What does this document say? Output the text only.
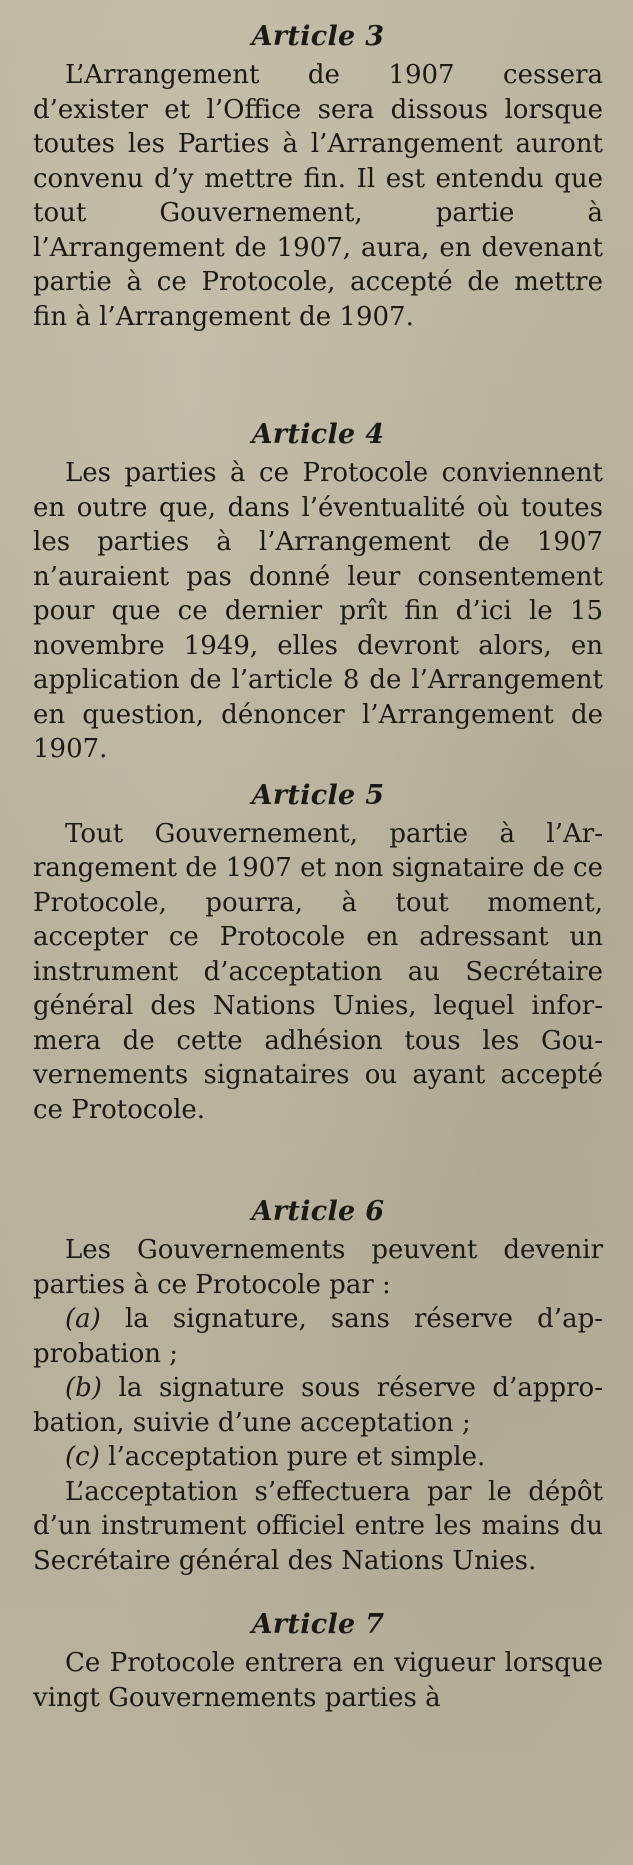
Article 3

L’Arrangement de 1907 cessera d’exister et l’Office sera dissous lorsque toutes les Parties à l’Arrangement auront convenu d’y mettre fin. Il est entendu que tout Gouvernement, partie à l’Arrangement de 1907, aura, en devenant partie à ce Protocole, accepté de mettre fin à l’Arrangement de 1907.

Article 4

Les parties à ce Protocole conviennent en outre que, dans l’éventualité où toutes les parties à l’Arrangement de 1907 n’auraient pas donné leur consentement pour que ce dernier prît fin d’ici le 15 novembre 1949, elles devront alors, en application de l’article 8 de l’Arrangement en question, dénoncer l’Arrangement de 1907.

Article 5

Tout Gouvernement, partie à l’Arrangement de 1907 et non signataire de ce Protocole, pourra, à tout moment, accepter ce Protocole en adressant un instrument d’acceptation au Secrétaire général des Nations Unies, lequel informera de cette adhésion tous les Gouvernements signataires ou ayant accepté ce Protocole.

Article 6

Les Gouvernements peuvent devenir parties à ce Protocole par :

(a) la signature, sans réserve d’approbation ;

(b) la signature sous réserve d’approbation, suivie d’une acceptation ;

(c) l’acceptation pure et simple.

L’acceptation s’effectuera par le dépôt d’un instrument officiel entre les mains du Secrétaire général des Nations Unies.

Article 7

Ce Protocole entrera en vigueur lorsque vingt Gouvernements parties à
